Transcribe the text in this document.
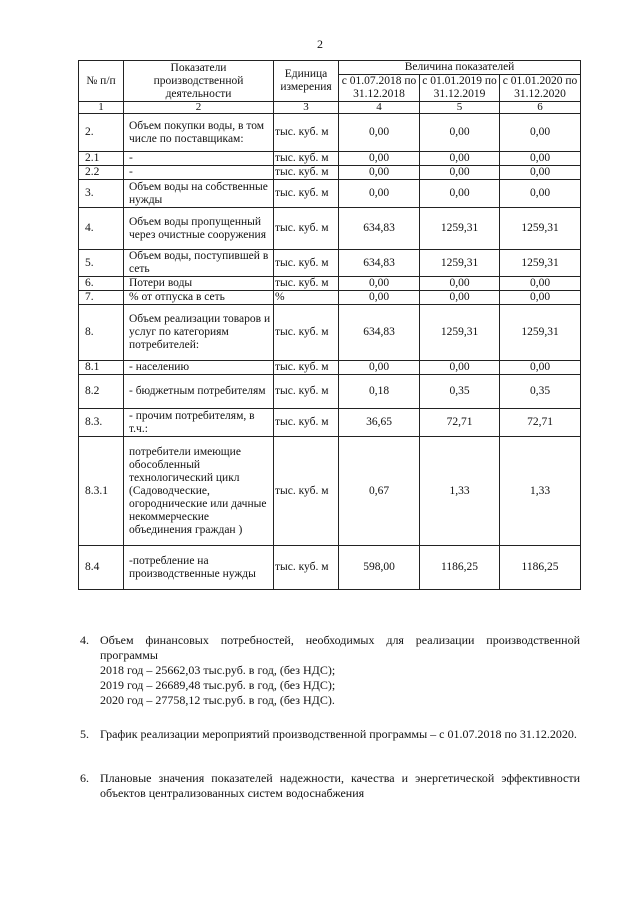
2
№ п/п	Показатели производственной деятельности	Единица измерения	Величина показателей		
			с 01.07.2018 по 31.12.2018	с 01.01.2019 по 31.12.2019	с 01.01.2020 по 31.12.2020
1	2	3	4	5	6
2.	Объем покупки воды, в том числе по поставщикам:	тыс. куб. м	0,00	0,00	0,00
2.1	-	тыс. куб. м	0,00	0,00	0,00
2.2	-	тыс. куб. м	0,00	0,00	0,00
3.	Объем воды на собственные нужды	тыс. куб. м	0,00	0,00	0,00
4.	Объем воды пропущенный через очистные сооружения	тыс. куб. м	634,83	1259,31	1259,31
5.	Объем воды, поступившей в сеть	тыс. куб. м	634,83	1259,31	1259,31
6.	Потери воды	тыс. куб. м	0,00	0,00	0,00
7.	% от отпуска в сеть	%	0,00	0,00	0,00
8.	Объем реализации товаров и услуг по категориям потребителей:	тыс. куб. м	634,83	1259,31	1259,31
8.1	- населению	тыс. куб. м	0,00	0,00	0,00
8.2	- бюджетным потребителям	тыс. куб. м	0,18	0,35	0,35
8.3.	- прочим потребителям, в т.ч.:	тыс. куб. м	36,65	72,71	72,71
8.3.1	потребители имеющие обособленный технологический цикл (Садоводческие, огороднические или дачные некоммерческие объединения граждан )	тыс. куб. м	0,67	1,33	1,33
8.4	-потребление на производственные нужды	тыс. куб. м	598,00	1186,25	1186,25
4. Объем финансовых потребностей, необходимых для реализации производственной программы
2018 год – 25662,03 тыс.руб. в год, (без НДС);
2019 год – 26689,48 тыс.руб. в год, (без НДС);
2020 год – 27758,12 тыс.руб. в год, (без НДС).
5. График реализации мероприятий производственной программы – с 01.07.2018 по 31.12.2020.
6. Плановые значения показателей надежности, качества и энергетической эффективности объектов централизованных систем водоснабжения
